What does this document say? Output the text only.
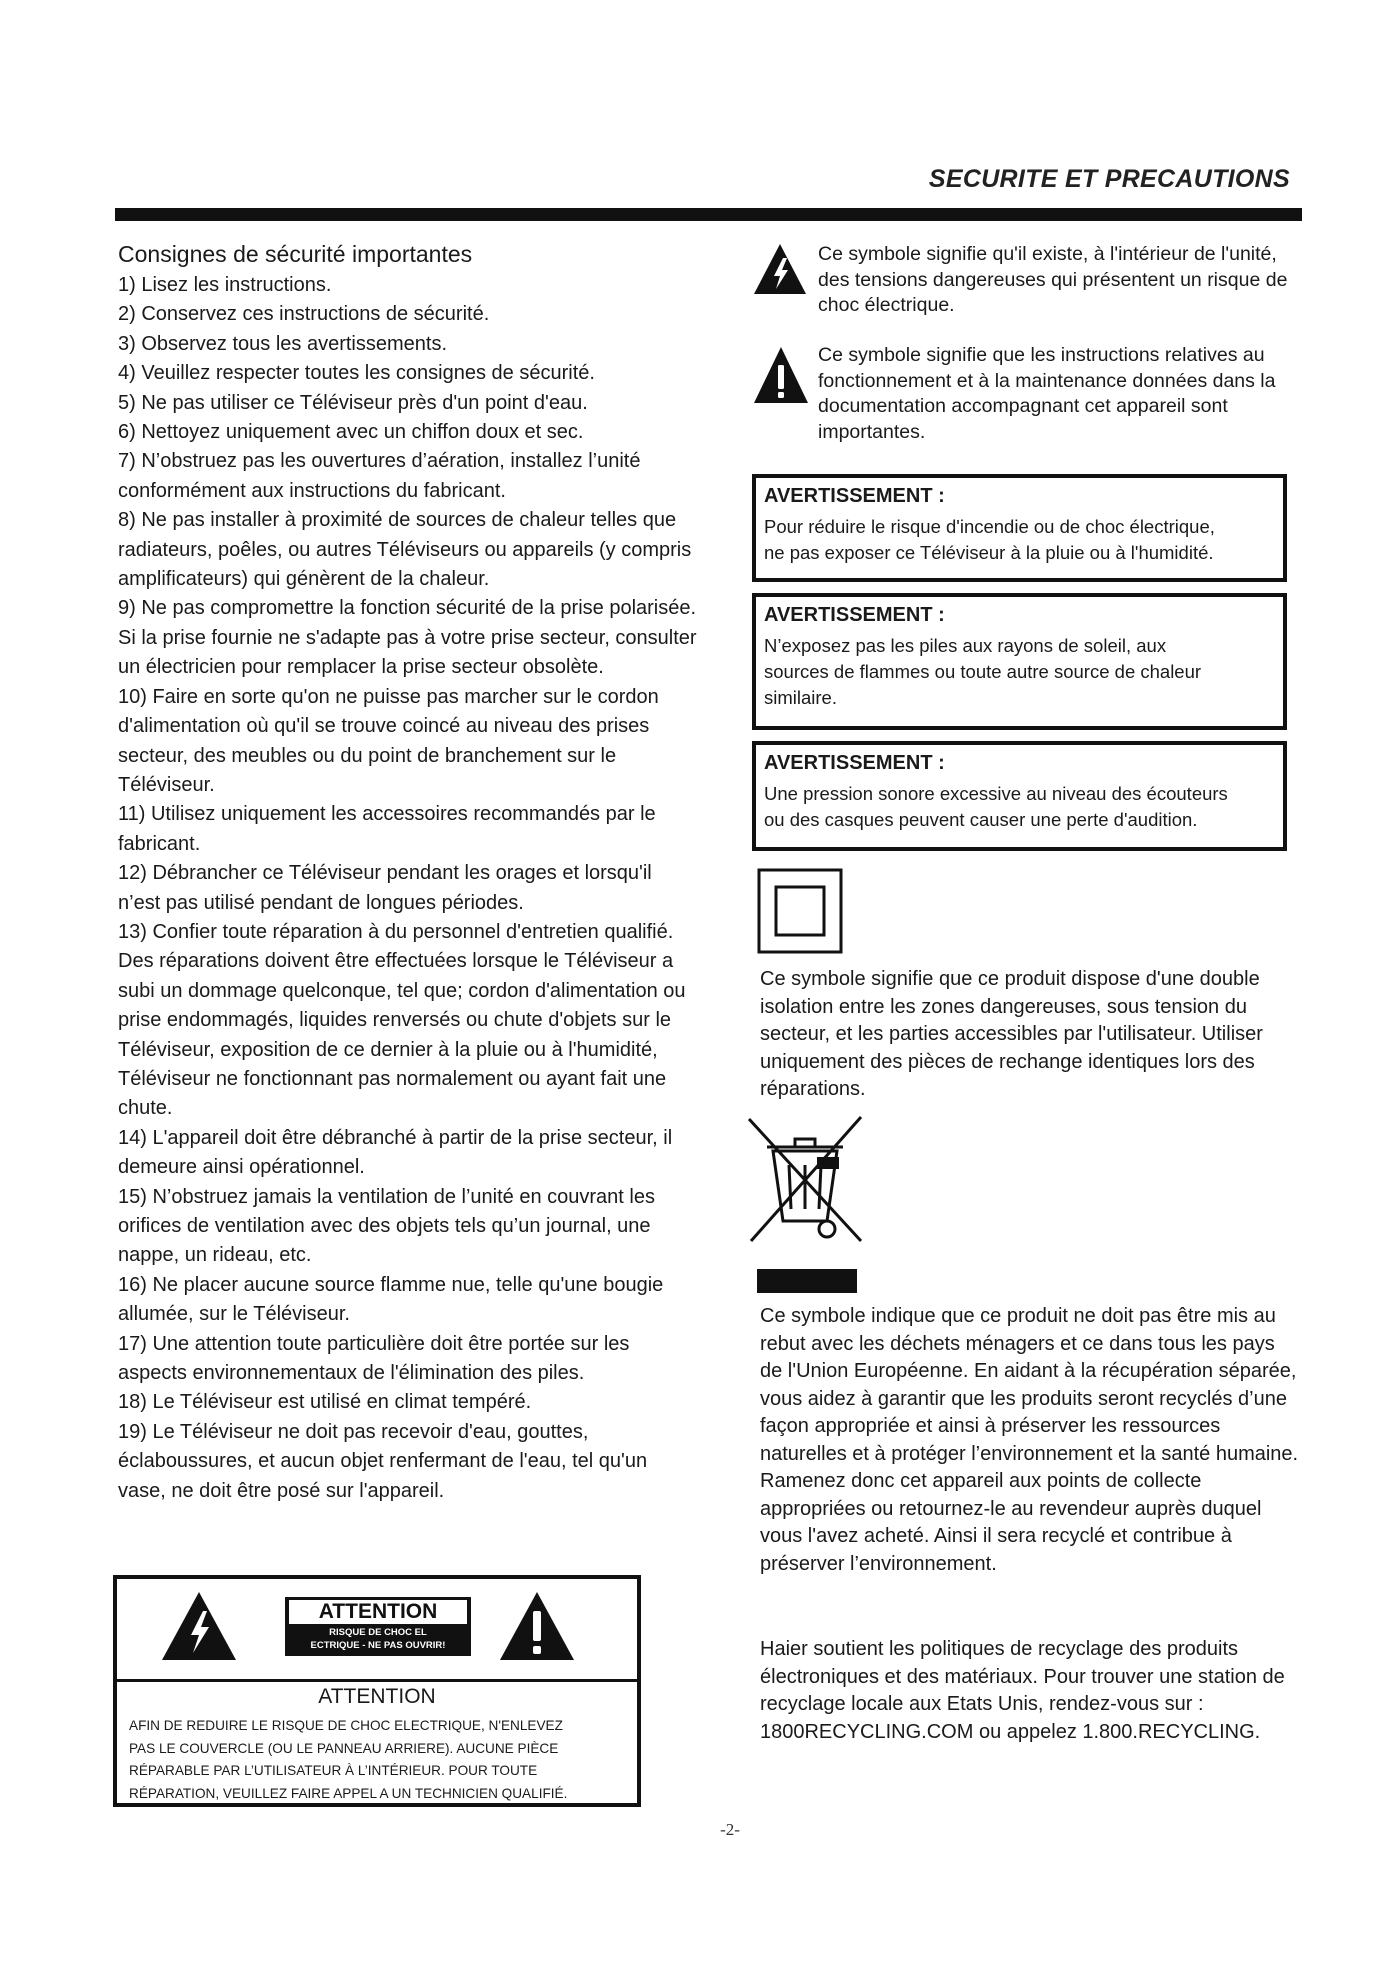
SECURITE ET PRECAUTIONS
Consignes de sécurité importantes

1) Lisez les instructions.

2) Conservez ces instructions de sécurité.

3) Observez tous les avertissements.

4) Veuillez respecter toutes les consignes de sécurité.

5) Ne pas utiliser ce Téléviseur près d'un point d'eau.

6) Nettoyez uniquement avec un chiffon doux et sec.

7) N’obstruez pas les ouvertures d’aération, installez l’unité conformément aux instructions du fabricant.

8) Ne pas installer à proximité de sources de chaleur telles que radiateurs, poêles, ou autres Téléviseurs ou appareils (y compris amplificateurs) qui génèrent de la chaleur.

9) Ne pas compromettre la fonction sécurité de la prise polarisée. Si la prise fournie ne s'adapte pas à votre prise secteur, consulter un électricien pour remplacer la prise secteur obsolète.

10) Faire en sorte qu'on ne puisse pas marcher sur le cordon d'alimentation où qu'il se trouve coincé au niveau des prises secteur, des meubles ou du point de branchement sur le Téléviseur.

11) Utilisez uniquement les accessoires recommandés par le fabricant.

12) Débrancher ce Téléviseur pendant les orages et lorsqu'il n’est pas utilisé pendant de longues périodes.

13) Confier toute réparation à du personnel d'entretien qualifié. Des réparations doivent être effectuées lorsque le Téléviseur a subi un dommage quelconque, tel que; cordon d'alimentation ou prise endommagés, liquides renversés ou chute d'objets sur le Téléviseur, exposition de ce dernier à la pluie ou à l'humidité, Téléviseur ne fonctionnant pas normalement ou ayant fait une chute.

14) L'appareil doit être débranché à partir de la prise secteur, il demeure ainsi opérationnel.

15) N’obstruez jamais la ventilation de l’unité en couvrant les orifices de ventilation avec des objets tels qu’un journal, une nappe, un rideau, etc.

16) Ne placer aucune source flamme nue, telle qu'une bougie allumée, sur le Téléviseur.

17) Une attention toute particulière doit être portée sur les aspects environnementaux de l'élimination des piles.

18) Le Téléviseur est utilisé en climat tempéré.

19) Le Téléviseur ne doit pas recevoir d'eau, gouttes, éclaboussures, et aucun objet renfermant de l'eau, tel qu'un vase, ne doit être posé sur l'appareil.

ATTENTION
RISQUE DE CHOC EL
ECTRIQUE - NE PAS OUVRIR!
ATTENTION
AFIN DE REDUIRE LE RISQUE DE CHOC ELECTRIQUE, N'ENLEVEZ
PAS LE COUVERCLE (OU LE PANNEAU ARRIERE). AUCUNE PIÈCE
RÉPARABLE PAR L’UTILISATEUR À L’INTÉRIEUR. POUR TOUTE
RÉPARATION, VEUILLEZ FAIRE APPEL A UN TECHNICIEN QUALIFIÉ.
Ce symbole signifie qu'il existe, à l'intérieur de l'unité, des tensions dangereuses qui présentent un risque de choc électrique.
Ce symbole signifie que les instructions relatives au fonctionnement et à la maintenance données dans la documentation accompagnant cet appareil sont importantes.
AVERTISSEMENT :
Pour réduire le risque d'incendie ou de choc électrique,
ne pas exposer ce Téléviseur à la pluie ou à l'humidité.
AVERTISSEMENT :
N’exposez pas les piles aux rayons de soleil, aux
sources de flammes ou toute autre source de chaleur
similaire.
AVERTISSEMENT :
Une pression sonore excessive au niveau des écouteurs
ou des casques peuvent causer une perte d'audition.
Ce symbole signifie que ce produit dispose d'une double isolation entre les zones dangereuses, sous tension du secteur, et les parties accessibles par l'utilisateur. Utiliser uniquement des pièces de rechange identiques lors des réparations.
Ce symbole indique que ce produit ne doit pas être mis au rebut avec les déchets ménagers et ce dans tous les pays de l'Union Européenne. En aidant à la récupération séparée, vous aidez à garantir que les produits seront recyclés d’une façon appropriée et ainsi à préserver les ressources naturelles et à protéger l’environnement et la santé humaine. Ramenez donc cet appareil aux points de collecte appropriées ou retournez-le au revendeur auprès duquel vous l'avez acheté. Ainsi il sera recyclé et contribue à préserver l’environnement.
Haier soutient les politiques de recyclage des produits électroniques et des matériaux. Pour trouver une station de recyclage locale aux Etats Unis, rendez-vous sur : 1800RECYCLING.COM ou appelez 1.800.RECYCLING.
-2-
